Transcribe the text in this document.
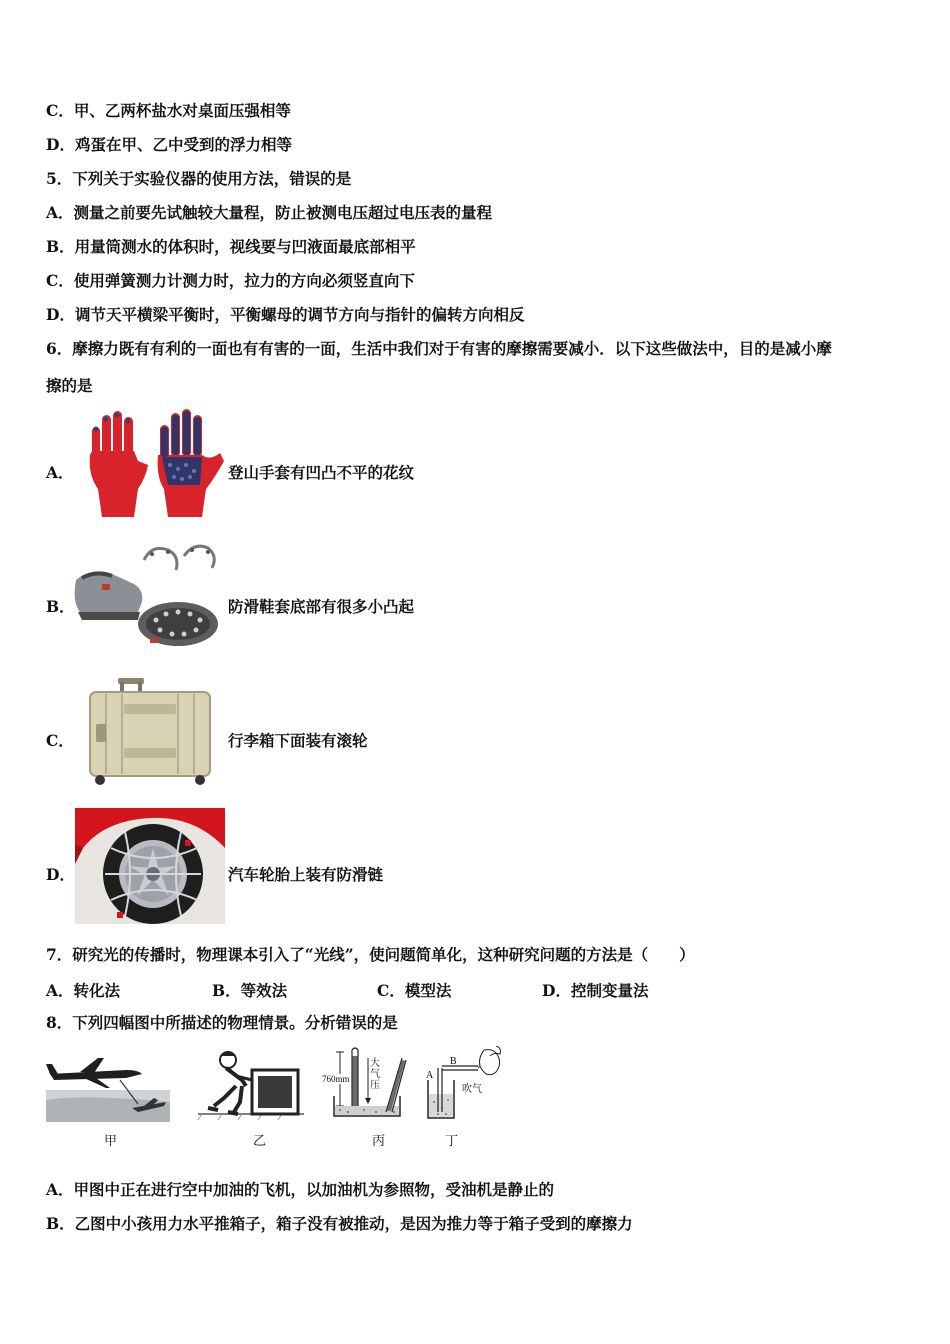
C．甲、乙两杯盐水对桌面压强相等
D．鸡蛋在甲、乙中受到的浮力相等
5．下列关于实验仪器的使用方法，错误的是
A．测量之前要先试触较大量程，防止被测电压超过电压表的量程
B．用量筒测水的体积时，视线要与凹液面最底部相平
C．使用弹簧测力计测力时，拉力的方向必须竖直向下
D．调节天平横梁平衡时，平衡螺母的调节方向与指针的偏转方向相反
6．摩擦力既有有利的一面也有有害的一面，生活中我们对于有害的摩擦需要减小．以下这些做法中，目的是减小摩
擦的是
A．	登山手套有凹凸不平的花纹
B．	防滑鞋套底部有很多小凸起
C．	行李箱下面装有滚轮
D．	汽车轮胎上装有防滑链
7．研究光的传播时，物理课本引入了“光线”，使问题简单化，这种研究问题的方法是（　　）
A．转化法	B．等效法	C．模型法	D．控制变量法
8．下列四幅图中所描述的物理情景。分析错误的是
甲	乙
760mm
大
气
压
丙
A
B
吹气
丁
A．甲图中正在进行空中加油的飞机，以加油机为参照物，受油机是静止的
B．乙图中小孩用力水平推箱子，箱子没有被推动，是因为推力等于箱子受到的摩擦力
